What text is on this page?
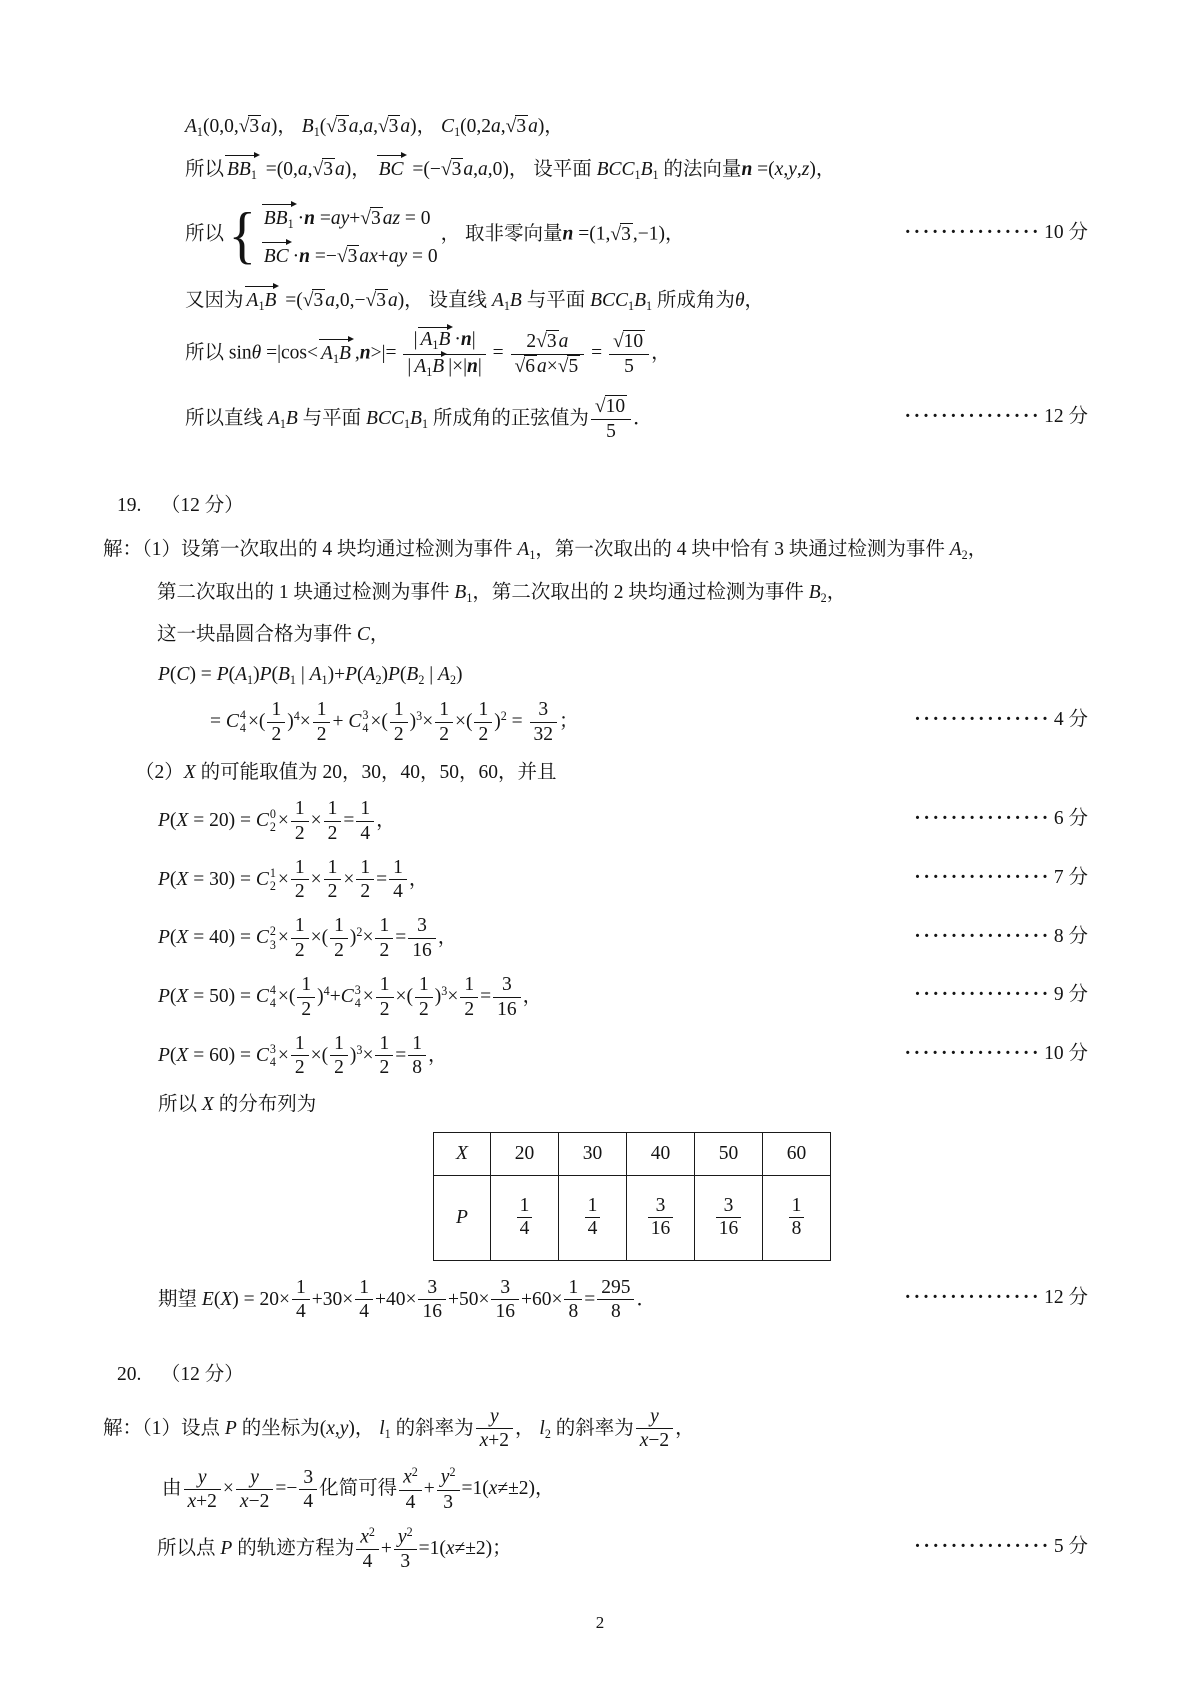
$A_1(0,0,√3$ a)， $B_1(√3$ a,a,√3 a)， $C_1(0,2a,√3$ a)，
所以 $BB_1 =(0,a,√3$ a)， BC =(−√3 a,a,0)， 设平面 $BCC_1B_1$ 的法向量n =(x,y,z)，
所以 { $BB_1 \cdot n =ay+√3$ az = 0
BC ·n =−√3 ax+ay = 0
， 取非零向量n =(1,√3 ,−1)，	··············· 10 分
又因为 $A_1B =(√3$ a,0,−√3 a)， 设直线 $A_1B$ 与平面 $BCC_1B_1$ 所成角为θ，
所以 $\sin\theta =|\cos< A_1B$ $,n>|= \frac{| A_1B \cdot n|}{| A_1B |\times|n|} = \frac{2√3 a}{√6 a\times√5} = \frac{√10}{5}$ ，
所以直线 $A_1B$ 与平面 $BCC_1B_1$ 所成角的正弦值为 $\frac{√10}{5}$ ．	··············· 12 分
19. （12 分）
解：（1）设第一次取出的 4 块均通过检测为事件 $A_1$，第一次取出的 4 块中恰有 3 块通过检测为事件 $A_2$，
第二次取出的 1 块通过检测为事件 $B_1$，第二次取出的 2 块均通过检测为事件 $B_2$，
这一块晶圆合格为事件 C，
$P(C) = P(A_1)P(B_1$ | $A_1)+P(A_2)P(B_2$ | $A_2$)
= C 4
4 ×( $\frac{1}{2} )^4\times \frac{1}{2} + C$ 3
4 ×( $\frac{1}{2} )^3\times \frac{1}{2}$ ×( $\frac{1}{2} )^2 = \frac{3}{32}$ ；	··············· 4 分
（2）X 的可能取值为 20，30，40，50，60，并且
P(X = 20) = C 0
$2 \times \frac{1}{2} \times \frac{1}{2} = \frac{1}{4}$ ，	··············· 6 分
P(X = 30) = C 1
$2 \times \frac{1}{2} \times \frac{1}{2} \times \frac{1}{2} = \frac{1}{4}$ ，	··············· 7 分
P(X = 40) = C 2
$3 \times \frac{1}{2}$ ×( $\frac{1}{2} )^2\times \frac{1}{2} = \frac{3}{16}$ ，	··············· 8 分
P(X = 50) = C 4
4 ×( $\frac{1}{2} )^4+C$ 3
$4 \times \frac{1}{2}$ ×( $\frac{1}{2} )^3\times \frac{1}{2} = \frac{3}{16}$ ，	··············· 9 分
P(X = 60) = C 3
$4 \times \frac{1}{2}$ ×( $\frac{1}{2} )^3\times \frac{1}{2} = \frac{1}{8}$ ，	··············· 10 分
所以 X 的分布列为
X	20	30	40	50	60
P	$\frac{1}{4}$	$\frac{1}{4}$	$\frac{3}{16}$	$\frac{3}{16}$	$\frac{1}{8}$
期望 $E(X) = 20\times \frac{1}{4} +30\times \frac{1}{4} +40\times \frac{3}{16} +50\times \frac{3}{16} +60\times \frac{1}{8} = \frac{295}{8}$ ．	··············· 12 分
20. （12 分）
解：（1）设点 P 的坐标为(x,y)， $l_1$ 的斜率为 $\frac{y}{x+2}$ ， $l_2$ 的斜率为 $\frac{y}{x-2}$ ，
由 $\frac{y}{x+2} \times \frac{y}{x-2} =- \frac{3}{4}$ 化简可得 $\frac{x^2}{4} + \frac{y^2}{3} =1(x\ne\pm 2)$，
所以点 P 的轨迹方程为 $\frac{x^2}{4} + \frac{y^2}{3} =1(x\ne\pm 2)$；	··············· 5 分
2
